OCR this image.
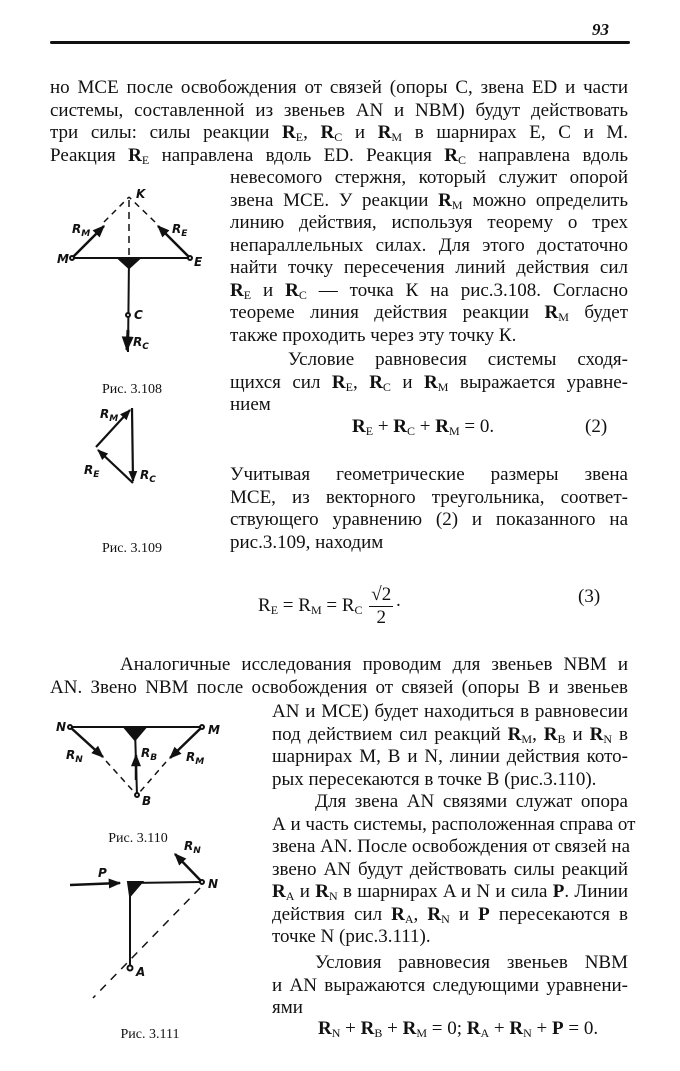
93
но МСЕ после освобождения от связей (опоры С, звена ED и части
системы, составленной из звеньев AN и NBM) будут действовать
три силы: силы реакции $R_E$, $R_C$ и $R_M$ в шарнирах E, C и M.
Реакция $R_E$ направлена вдоль ED. Реакция $R_C$ направлена вдоль
невесомого стержня, который служит опорой
звена МСЕ. У реакции $R_M$ можно определить
линию действия, используя теорему о трех
непараллельных силах. Для этого достаточно
найти точку пересечения линий действия сил
$R_E$ и $R_C$ — точка К на рис.3.108. Согласно
теореме линия действия реакции $R_M$ будет
также проходить через эту точку К.
Условие равновесия системы сходя-
щихся сил $R_E$, $R_C$ и $R_M$ выражается уравне-
нием
Учитывая геометрические размеры звена
МСЕ, из векторного треугольника, соответ-
ствующего уравнению (2) и показанного на
рис.3.109, находим
Аналогичные исследования проводим для звеньев NBM и
AN. Звено NBM после освобождения от связей (опоры В и звеньев
AN и МСЕ) будет находиться в равновесии
под действием сил реакций $R_M$, $R_B$ и $R_N$ в
шарнирах M, B и N, линии действия кото-
рых пересекаются в точке B (рис.3.110).
Для звена AN связями служат опора
А и часть системы, расположенная справа от
звена AN. После освобождения от связей на
звено AN будут действовать силы реакций
$R_A$ и $R_N$ в шарнирах A и N и сила P. Линии
действия сил $R_A$, $R_N$ и P пересекаются в
точке N (рис.3.111).
Условия равновесия звеньев NBM
и AN выражаются следующими уравнени-
ями
$R_E + R_C + R_M = 0$.	(2)
$R_E = R_M = R_C \frac{√2}{2}$ ·	(3)
$R_N + R_B + R_M = 0$; $R_A + R_N + P = 0$.
K
M	E
C
$R_M$	$R_E$
$R_C$
$R_M$
$R_E$	$R_C$
N	M
B
$R_N$	$R_B$ $R_M$
P
N
A
$R_N$
Рис. 3.108
Рис. 3.109
Рис. 3.110
Рис. 3.111
